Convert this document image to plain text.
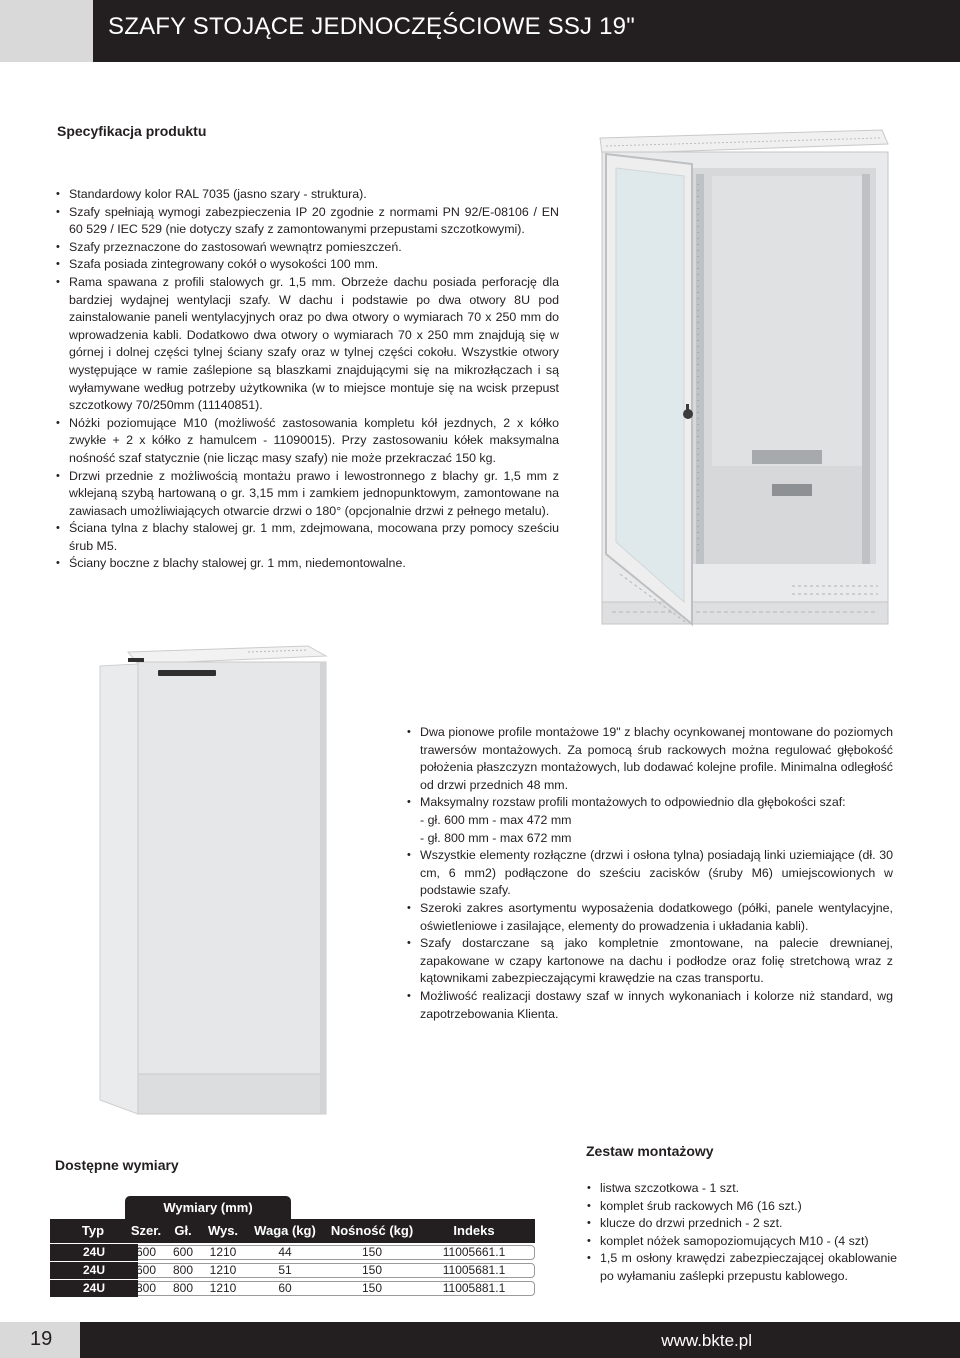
SZAFY STOJĄCE JEDNOCZĘŚCIOWE SSJ 19"
Specyfikacja produktu
• Standardowy kolor RAL 7035 (jasno szary - struktura).
• Szafy spełniają wymogi zabezpieczenia IP 20 zgodnie z normami PN 92/E-08106 / EN 60 529 / IEC 529 (nie dotyczy szafy z zamontowanymi przepustami szczotkowymi).
• Szafy przeznaczone do zastosowań wewnątrz pomieszczeń.
• Szafa posiada zintegrowany cokół o wysokości 100 mm.
• Rama spawana z profili stalowych gr. 1,5 mm. Obrzeże dachu posiada perforację dla bardziej wydajnej wentylacji szafy. W dachu i podstawie po dwa otwory 8U pod zainstalowanie paneli wentylacyjnych oraz po dwa otwory o wymiarach 70 x 250 mm do wprowadzenia kabli. Dodatkowo dwa otwory o wymiarach 70 x 250 mm znajdują się w górnej i dolnej części tylnej ściany szafy oraz w tylnej części cokołu. Wszystkie otwory występujące w ramie zaślepione są blaszkami znajdującymi się na mikrozłączach i są wyłamywane według potrzeby użytkownika (w to miejsce montuje się na wcisk przepust szczotkowy 70/250mm (11140851).
• Nóżki poziomujące M10 (możliwość zastosowania kompletu kół jezdnych, 2 x kółko zwykłe + 2 x kółko z hamulcem - 11090015). Przy zastosowaniu kółek maksymalna nośność szaf statycznie (nie licząc masy szafy) nie może przekraczać 150 kg.
• Drzwi przednie z możliwością montażu prawo i lewostronnego z blachy gr. 1,5 mm z wklejaną szybą hartowaną o gr. 3,15 mm i zamkiem jednopunktowym, zamontowane na zawiasach umożliwiających otwarcie drzwi o 180° (opcjonalnie drzwi z pełnego metalu).
• Ściana tylna z blachy stalowej gr. 1 mm, zdejmowana, mocowana przy pomocy sześciu śrub M5.
• Ściany boczne z blachy stalowej gr. 1 mm, niedemontowalne.
• Dwa pionowe profile montażowe 19" z blachy ocynkowanej montowane do poziomych trawersów montażowych. Za pomocą śrub rackowych można regulować głębokość położenia płaszczyzn montażowych, lub dodawać kolejne profile. Minimalna odległość od drzwi przednich 48 mm.
• Maksymalny rozstaw profili montażowych to odpowiednio dla głębokości szaf:
- gł. 600 mm - max 472 mm
- gł. 800 mm - max 672 mm
• Wszystkie elementy rozłączne (drzwi i osłona tylna) posiadają linki uziemiające (dł. 30 cm, 6 mm2) podłączone do sześciu zacisków (śruby M6) umiejscowionych w podstawie szafy.
• Szeroki zakres asortymentu wyposażenia dodatkowego (półki, panele wentylacyjne, oświetleniowe i zasilające, elementy do prowadzenia i układania kabli).
• Szafy dostarczane są jako kompletnie zmontowane, na palecie drewnianej, zapakowane w czapy kartonowe na dachu i podłodze oraz folię stretchową wraz z kątownikami zabezpieczającymi krawędzie na czas transportu.
• Możliwość realizacji dostawy szaf w innych wykonaniach i kolorze niż standard, wg zapotrzebowania Klienta.
Dostępne wymiary
Wymiary (mm)
Typ	Szer.	Gł.	Wys.	Waga (kg)	Nośność (kg)	Indeks
24U	600	600	1210	44	150	11005661.1
24U	600	800	1210	51	150	11005681.1
24U	800	800	1210	60	150	11005881.1
Zestaw montażowy
• listwa szczotkowa - 1 szt.
• komplet śrub rackowych M6 (16 szt.)
• klucze do drzwi przednich - 2 szt.
• komplet nóżek samopoziomujących M10 - (4 szt)
• 1,5 m osłony krawędzi zabezpieczającej okablowanie po wyłamaniu zaślepki przepustu kablowego.
19	www.bkte.pl
